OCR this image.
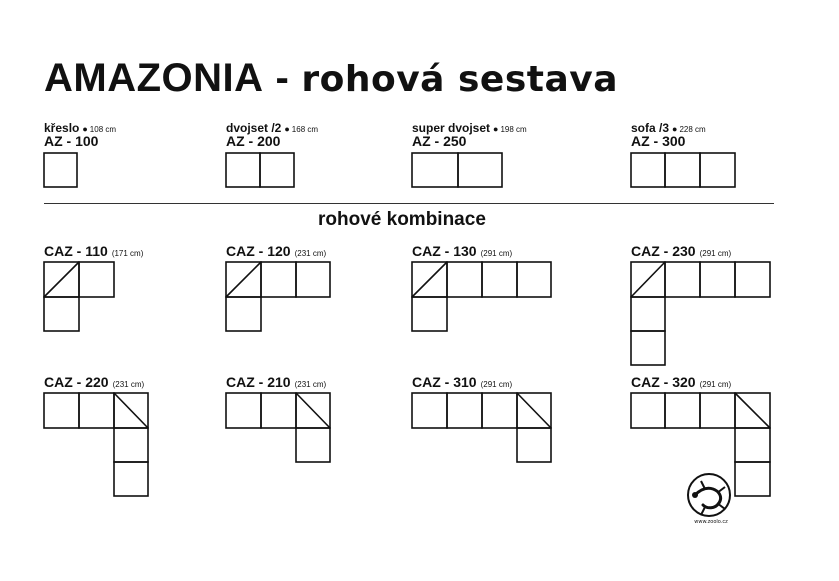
AMAZONIA - rohová sestava
křeslo ● 108 cm
AZ - 100
dvojset /2 ● 168 cm
AZ - 200
super dvojset ● 198 cm
AZ - 250
sofa /3 ● 228 cm
AZ - 300
rohové kombinace
CAZ - 110 (171 cm)	CAZ - 120 (231 cm)	CAZ - 130 (291 cm)	CAZ - 230 (291 cm)
CAZ - 220 (231 cm)	CAZ - 210 (231 cm)	CAZ - 310 (291 cm)	CAZ - 320 (291 cm)
www.zoolo.cz
